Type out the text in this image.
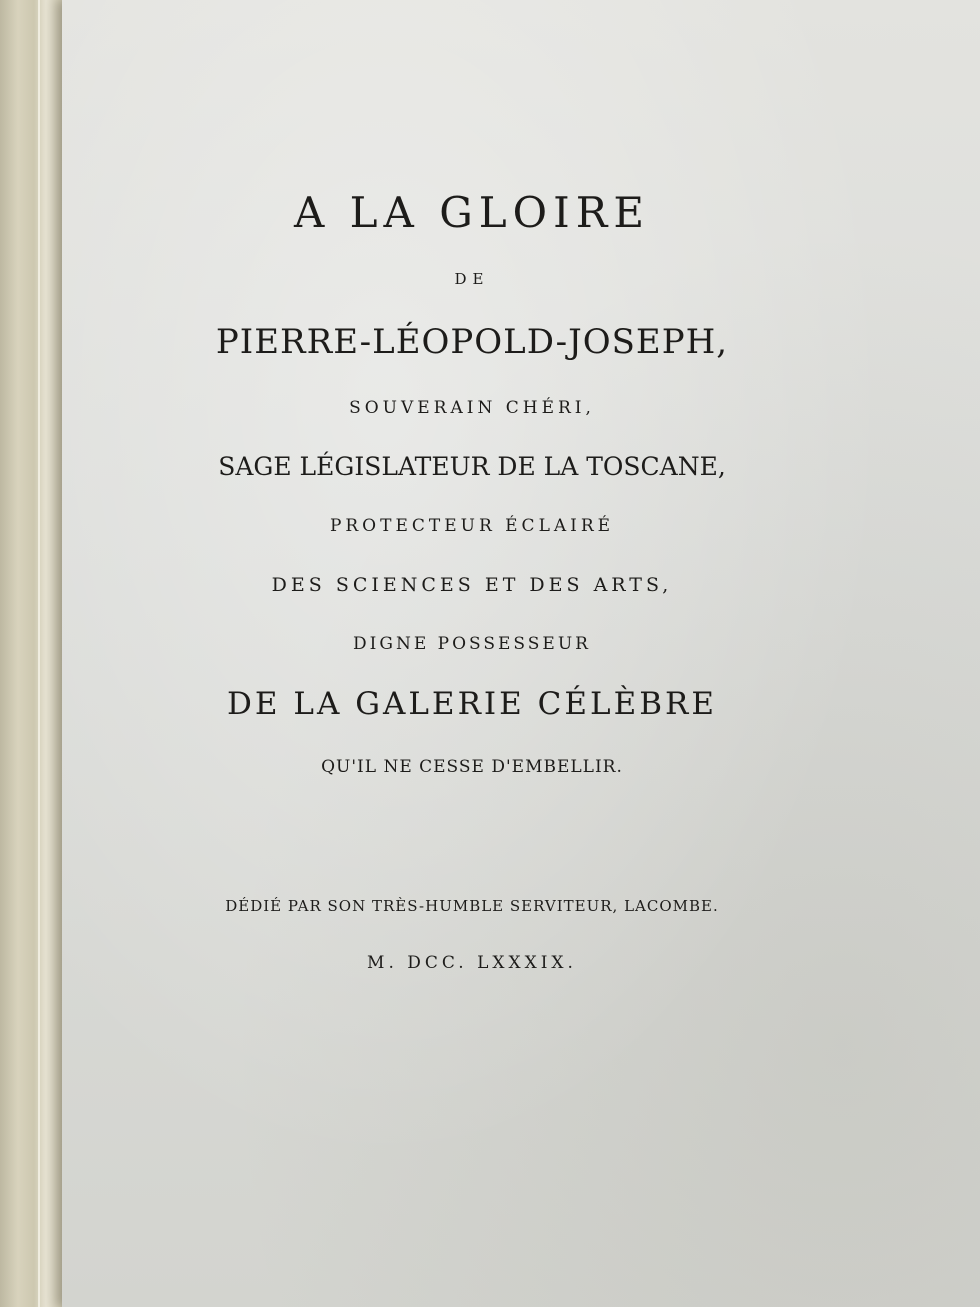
A LA GLOIRE
DE
PIERRE-LÉOPOLD-JOSEPH,
SOUVERAIN CHÉRI,
SAGE LÉGISLATEUR DE LA TOSCANE,
PROTECTEUR ÉCLAIRÉ
DES SCIENCES ET DES ARTS,
DIGNE POSSESSEUR
DE LA GALERIE CÉLÈBRE
QU'IL NE CESSE D'EMBELLIR.
DÉDIÉ PAR SON TRÈS-HUMBLE SERVITEUR, LACOMBE.
M. DCC. LXXXIX.
